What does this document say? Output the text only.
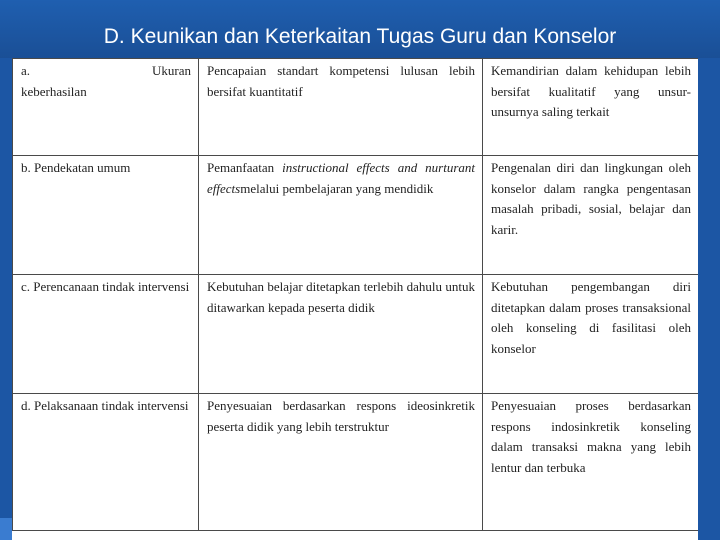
D. Keunikan dan Keterkaitan Tugas Guru dan Konselor
a. Ukuran
keberhasilan	Pencapaian standart kompetensi lulusan lebih bersifat kuantitatif	Kemandirian dalam kehidupan lebih bersifat kualitatif yang unsur-unsurnya saling terkait
b. Pendekatan umum	Pemanfaatan instructional effects and nurturant effectsmelalui pembelajaran yang mendidik	Pengenalan diri dan lingkungan oleh konselor dalam rangka pengentasan masalah pribadi, sosial, belajar dan karir.
c. Perencanaan tindak intervensi	Kebutuhan belajar ditetapkan terlebih dahulu untuk ditawarkan kepada peserta didik	Kebutuhan pengembangan diri ditetapkan dalam proses transaksional oleh konseling di fasilitasi oleh konselor
d. Pelaksanaan tindak intervensi	Penyesuaian berdasarkan respons ideosinkretik peserta didik yang lebih terstruktur	Penyesuaian proses berdasarkan respons indosinkretik konseling dalam transaksi makna yang lebih lentur dan terbuka
